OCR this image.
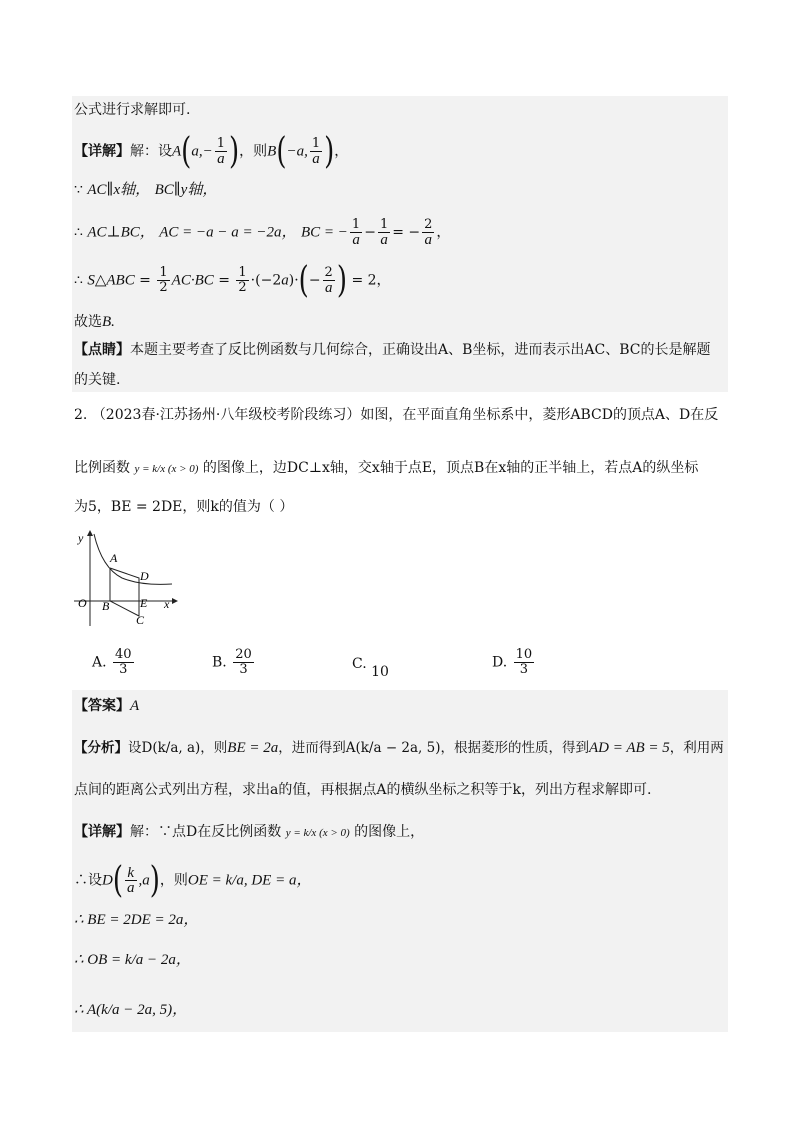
公式进行求解即可.
【详解】解：设$A(a,- \frac{1}{a}$ )，则B(−a, $\frac{1}{a}$ )，
∵ AC∥x轴， BC∥y轴，
∴ AC⊥BC， AC = −a − a = −2a， BC = − $\frac{1}{a} - \frac{1}{a}$ = − $\frac{2}{a}$ ，
∴ S△ABC = $\frac{1}{2} AC\cdot BC = \frac{1}{2} \cdot(-2a)\cdot(- \frac{2}{a}$ ) = 2，
故选B.
【点睛】本题主要考查了反比例函数与几何综合，正确设出A、B坐标，进而表示出AC、BC的长是解题
的关键.
2. （2023春·江苏扬州·八年级校考阶段练习）如图，在平面直角坐标系中，菱形ABCD的顶点A、D在反
比例函数 y = k/x (x > 0) 的图像上，边DC⊥x轴，交x轴于点E，顶点B在x轴的正半轴上，若点A的纵坐标
为5，BE = 2DE，则k的值为（ ）
y
A
D
O B	E x
C
A. $\frac{40}{3}$	B. $\frac{20}{3}$	C. 10
D. $\frac{10}{3}$
【答案】A
【分析】设D(k/a, a)，则BE = 2a，进而得到A(k/a − 2a, 5)，根据菱形的性质，得到AD = AB = 5，利用两
点间的距离公式列出方程，求出a的值，再根据点A的横纵坐标之积等于k，列出方程求解即可.
【详解】解：∵点D在反比例函数 y = k/x (x > 0) 的图像上，
∴设$D( \frac{k}{a} ,a)$，则OE = k/a, DE = a，
∴ BE = 2DE = 2a，
∴ OB = k/a − 2a，
∴ A(k/a − 2a, 5)，
